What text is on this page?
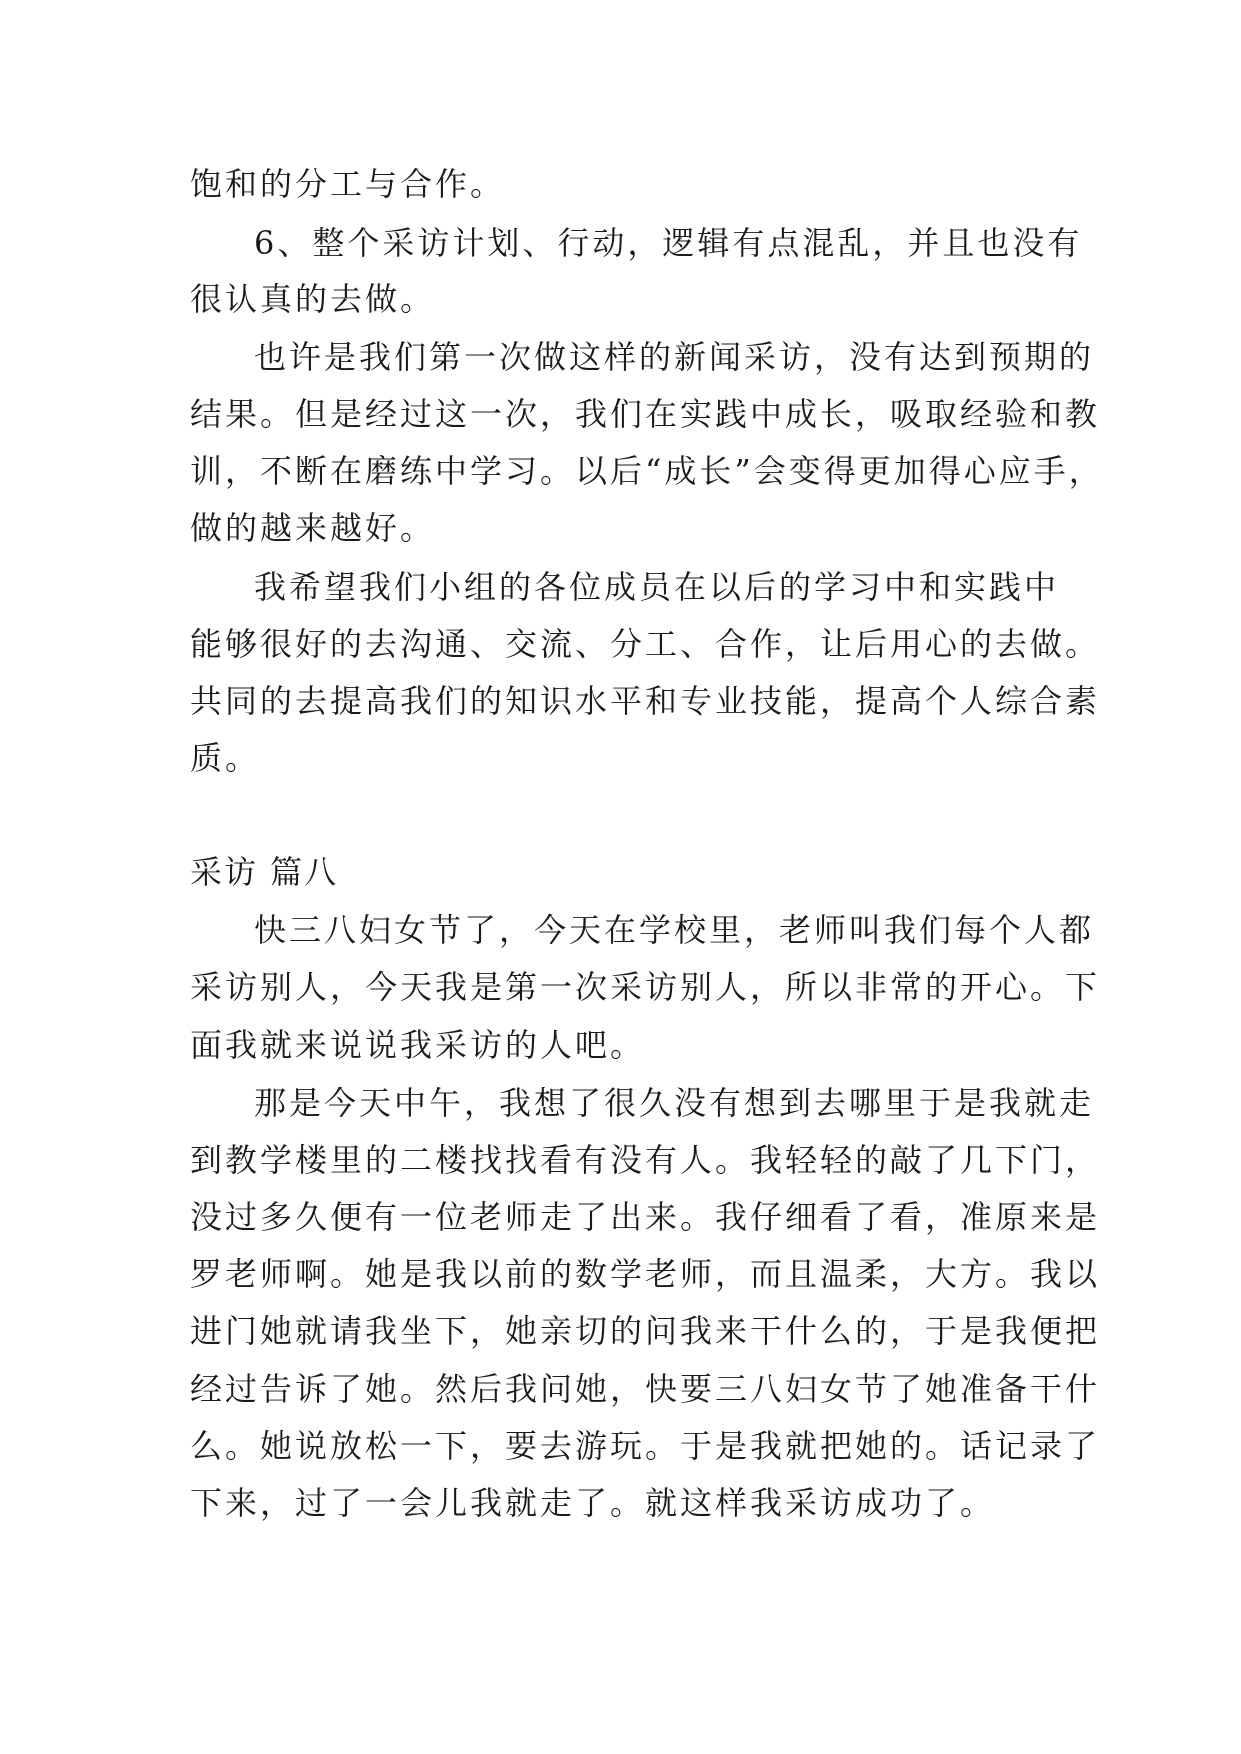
饱和的分工与合作。
6、整个采访计划、行动，逻辑有点混乱，并且也没有
很认真的去做。
也许是我们第一次做这样的新闻采访，没有达到预期的
结果。但是经过这一次，我们在实践中成长，吸取经验和教
训，不断在磨练中学习。以后“成长”会变得更加得心应手，
做的越来越好。
我希望我们小组的各位成员在以后的学习中和实践中
能够很好的去沟通、交流、分工、合作，让后用心的去做。
共同的去提高我们的知识水平和专业技能，提高个人综合素
质。
采访 篇八
快三八妇女节了，今天在学校里，老师叫我们每个人都
采访别人，今天我是第一次采访别人，所以非常的开心。下
面我就来说说我采访的人吧。
那是今天中午，我想了很久没有想到去哪里于是我就走
到教学楼里的二楼找找看有没有人。我轻轻的敲了几下门，
没过多久便有一位老师走了出来。我仔细看了看，准原来是
罗老师啊。她是我以前的数学老师，而且温柔，大方。我以
进门她就请我坐下，她亲切的问我来干什么的，于是我便把
经过告诉了她。然后我问她，快要三八妇女节了她准备干什
么。她说放松一下，要去游玩。于是我就把她的。话记录了
下来，过了一会儿我就走了。就这样我采访成功了。
